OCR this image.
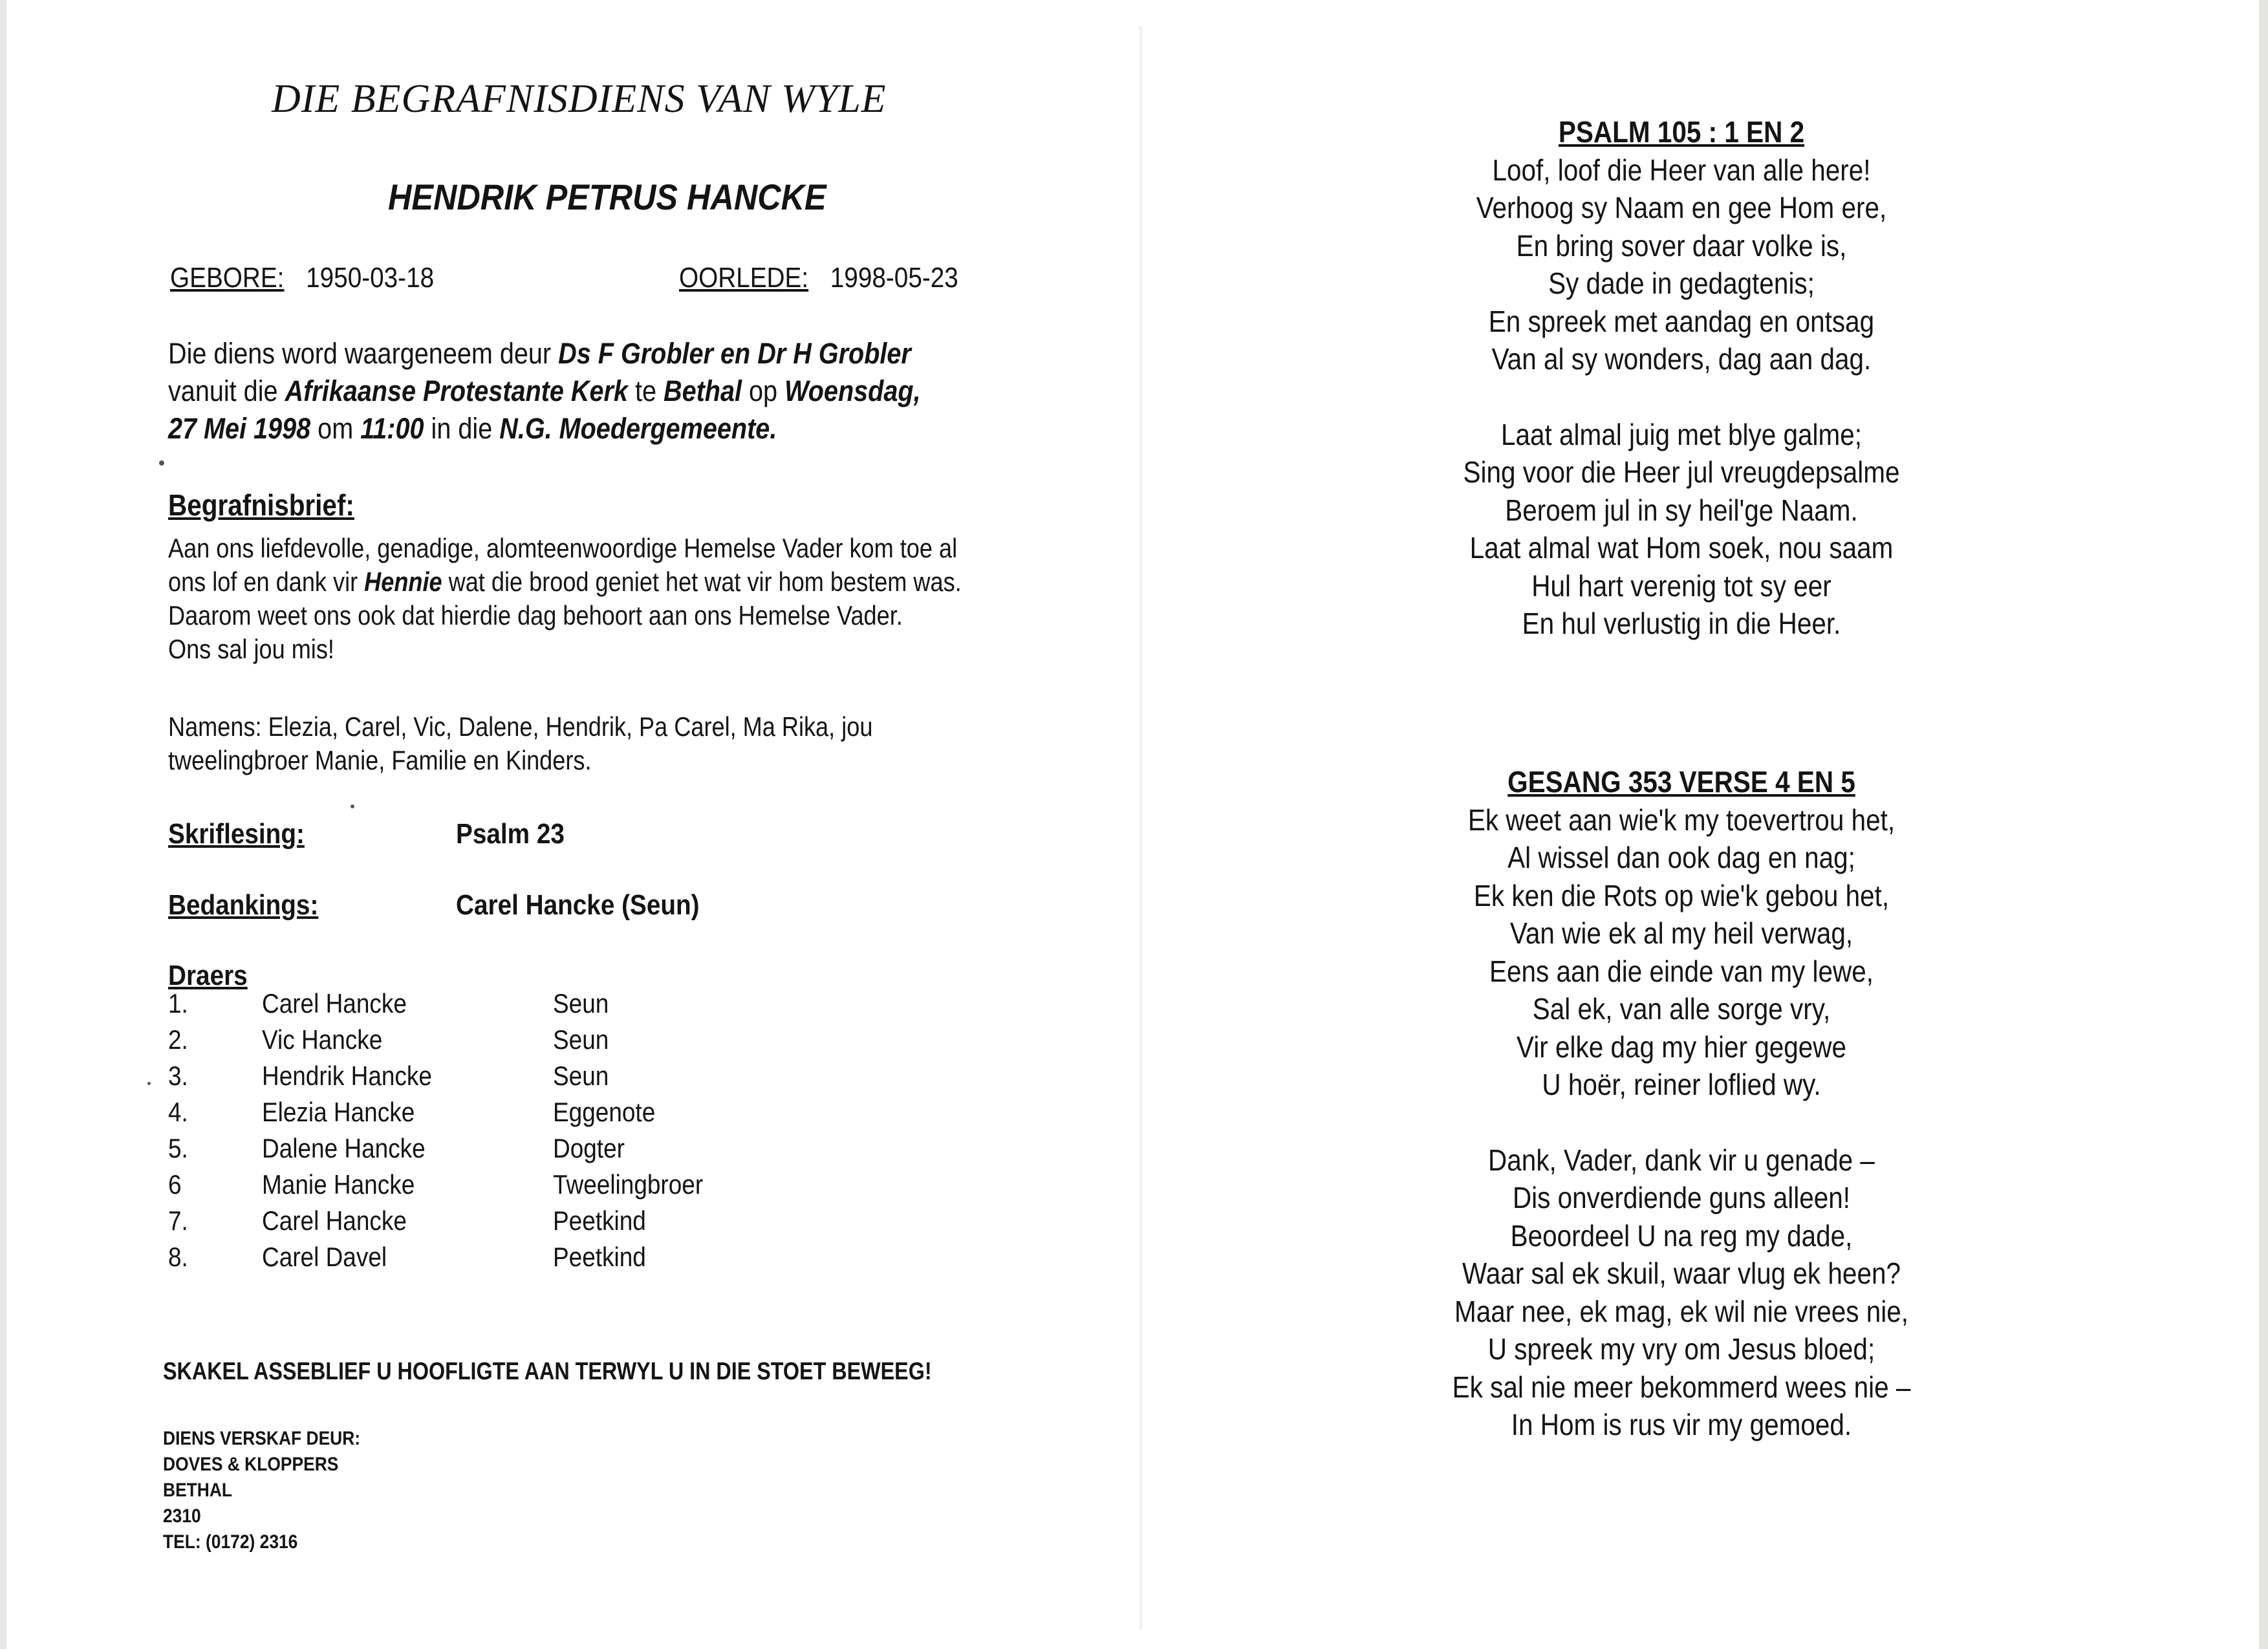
DIE BEGRAFNISDIENS VAN WYLE
HENDRIK PETRUS HANCKE
GEBORE: 1950-03-18	OORLEDE: 1998-05-23
Die diens word waargeneem deur Ds F Grobler en Dr H Grobler
vanuit die Afrikaanse Protestante Kerk te Bethal op Woensdag,
27 Mei 1998 om 11:00 in die N.G. Moedergemeente.
Begrafnisbrief:
Aan ons liefdevolle, genadige, alomteenwoordige Hemelse Vader kom toe al
ons lof en dank vir Hennie wat die brood geniet het wat vir hom bestem was.
Daarom weet ons ook dat hierdie dag behoort aan ons Hemelse Vader.
Ons sal jou mis!
Namens: Elezia, Carel, Vic, Dalene, Hendrik, Pa Carel, Ma Rika, jou
tweelingbroer Manie, Familie en Kinders.
Skriflesing:	Psalm 23
Bedankings:	Carel Hancke (Seun)
Draers
1.	Carel Hancke	Seun
2.	Vic Hancke	Seun
3.	Hendrik Hancke	Seun
4.	Elezia Hancke	Eggenote
5.	Dalene Hancke	Dogter
6	Manie Hancke	Tweelingbroer
7.	Carel Hancke	Peetkind
8.	Carel Davel	Peetkind
SKAKEL ASSEBLIEF U HOOFLIGTE AAN TERWYL U IN DIE STOET BEWEEG!
DIENS VERSKAF DEUR:
DOVES & KLOPPERS
BETHAL
2310
TEL: (0172) 2316
PSALM 105 : 1 EN 2
Loof, loof die Heer van alle here!
Verhoog sy Naam en gee Hom ere,
En bring sover daar volke is,
Sy dade in gedagtenis;
En spreek met aandag en ontsag
Van al sy wonders, dag aan dag.
Laat almal juig met blye galme;
Sing voor die Heer jul vreugdepsalme
Beroem jul in sy heil'ge Naam.
Laat almal wat Hom soek, nou saam
Hul hart verenig tot sy eer
En hul verlustig in die Heer.
GESANG 353 VERSE 4 EN 5
Ek weet aan wie'k my toevertrou het,
Al wissel dan ook dag en nag;
Ek ken die Rots op wie'k gebou het,
Van wie ek al my heil verwag,
Eens aan die einde van my lewe,
Sal ek, van alle sorge vry,
Vir elke dag my hier gegewe
U hoër, reiner loflied wy.
Dank, Vader, dank vir u genade –
Dis onverdiende guns alleen!
Beoordeel U na reg my dade,
Waar sal ek skuil, waar vlug ek heen?
Maar nee, ek mag, ek wil nie vrees nie,
U spreek my vry om Jesus bloed;
Ek sal nie meer bekommerd wees nie –
In Hom is rus vir my gemoed.
